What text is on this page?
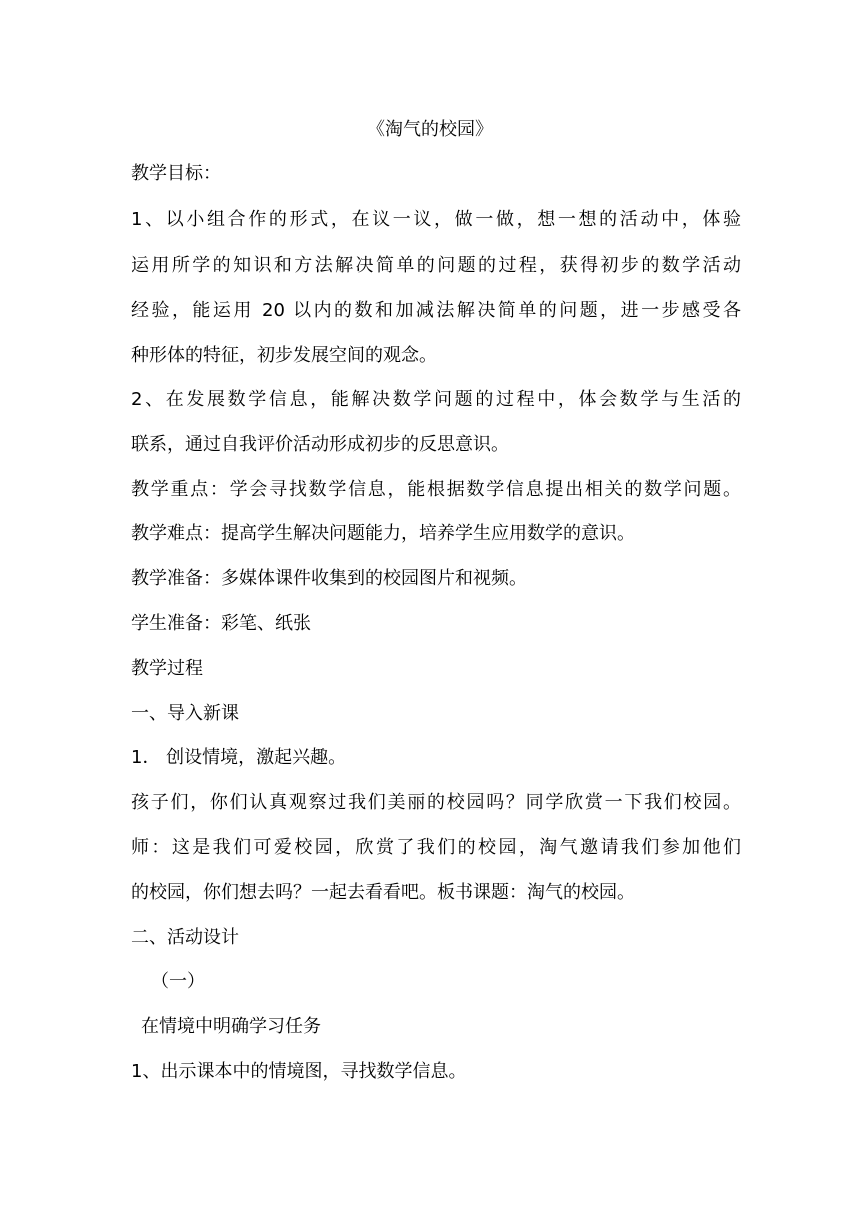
《淘气的校园》
教学目标：
1、以小组合作的形式，在议一议，做一做，想一想的活动中，体验
运用所学的知识和方法解决简单的问题的过程，获得初步的数学活动
经验，能运用 20 以内的数和加减法解决简单的问题，进一步感受各
种形体的特征，初步发展空间的观念。
2、在发展数学信息，能解决数学问题的过程中，体会数学与生活的
联系，通过自我评价活动形成初步的反思意识。
教学重点：学会寻找数学信息，能根据数学信息提出相关的数学问题。
教学难点：提高学生解决问题能力，培养学生应用数学的意识。
教学准备：多媒体课件收集到的校园图片和视频。
学生准备：彩笔、纸张
教学过程
一、导入新课
1． 创设情境，激起兴趣。
孩子们，你们认真观察过我们美丽的校园吗？同学欣赏一下我们校园。
师：这是我们可爱校园，欣赏了我们的校园，淘气邀请我们参加他们
的校园，你们想去吗？一起去看看吧。板书课题：淘气的校园。
二、活动设计
（一）
在情境中明确学习任务
1、出示课本中的情境图，寻找数学信息。
